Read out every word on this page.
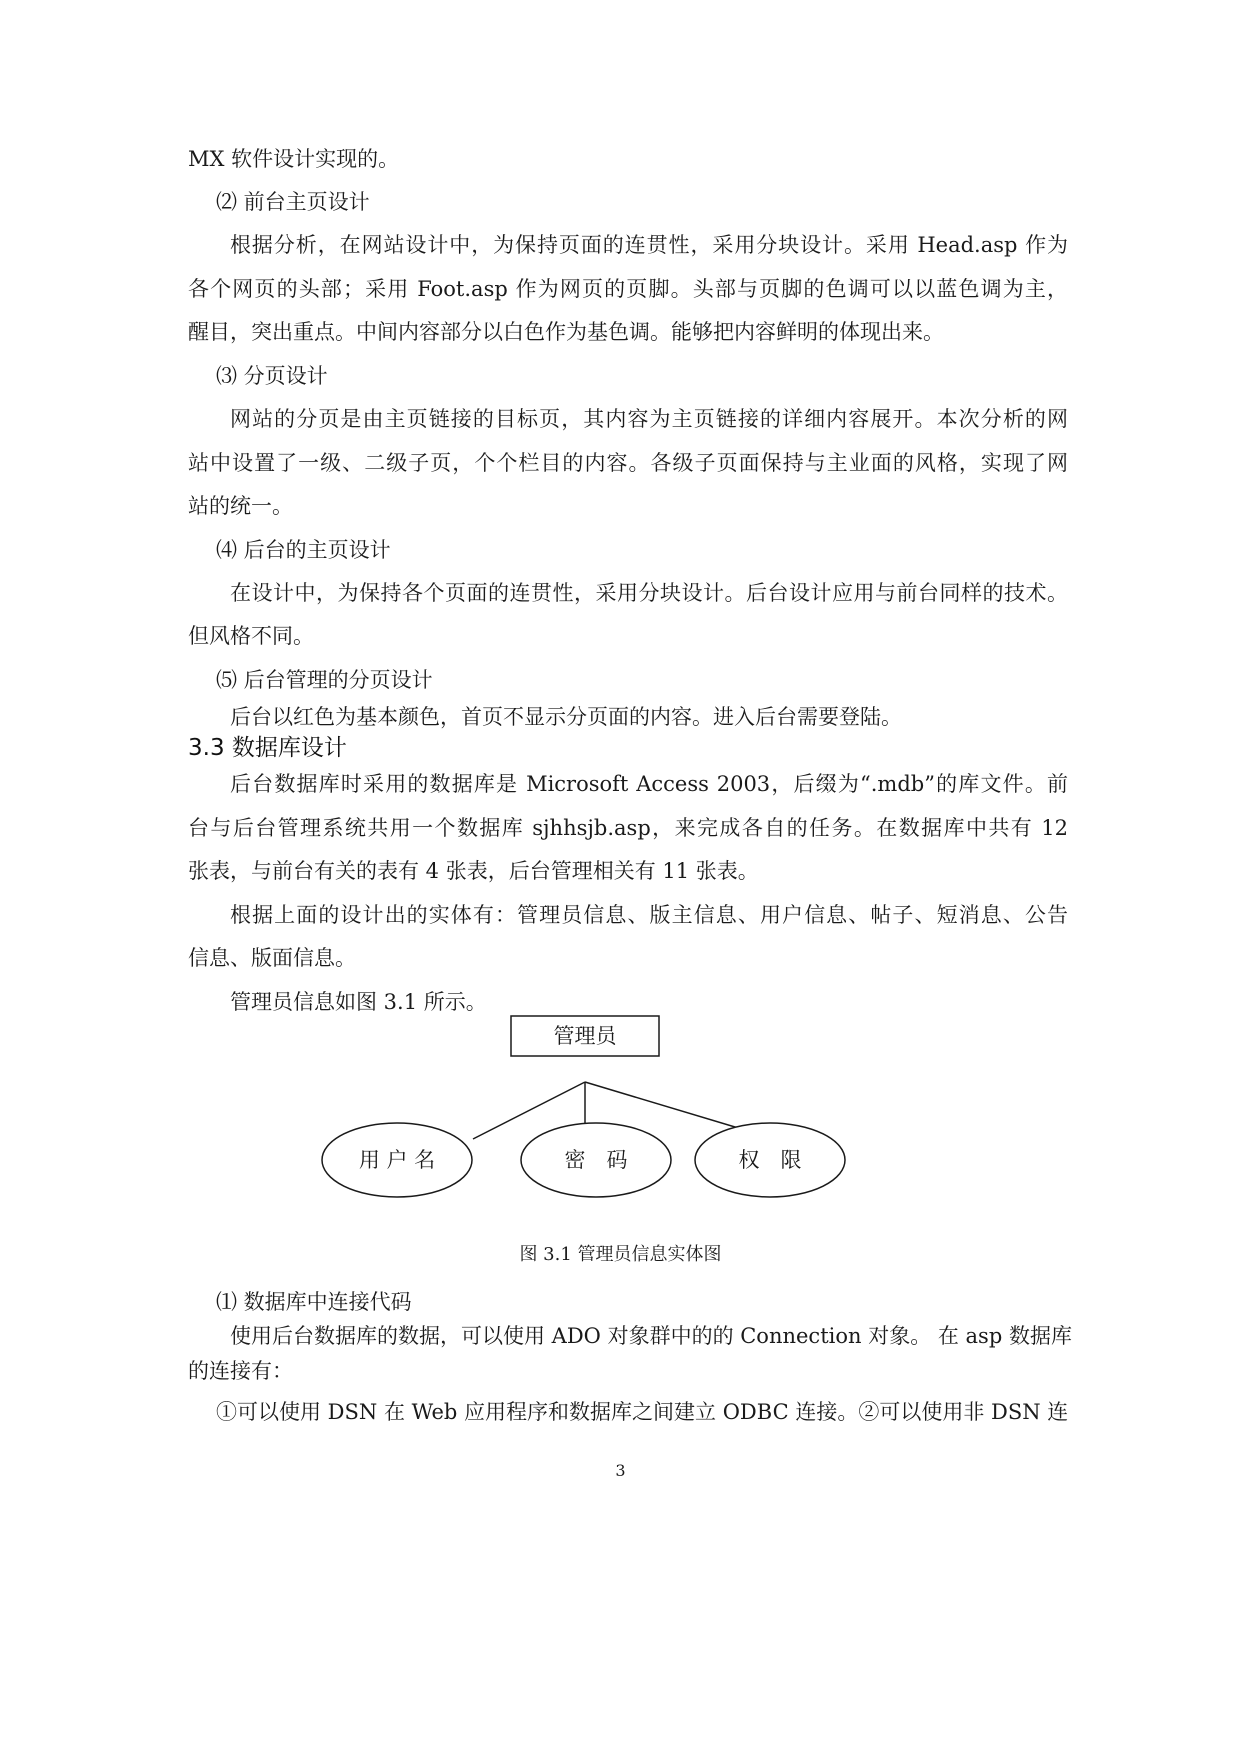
MX 软件设计实现的。
⑵ 前台主页设计
根据分析，在网站设计中，为保持页面的连贯性，采用分块设计。采用 Head.asp 作为
各个网页的头部；采用 Foot.asp 作为网页的页脚。头部与页脚的色调可以以蓝色调为主，
醒目，突出重点。中间内容部分以白色作为基色调。能够把内容鲜明的体现出来。
⑶ 分页设计
网站的分页是由主页链接的目标页，其内容为主页链接的详细内容展开。本次分析的网
站中设置了一级、二级子页，个个栏目的内容。各级子页面保持与主业面的风格，实现了网
站的统一。
⑷ 后台的主页设计
在设计中，为保持各个页面的连贯性，采用分块设计。后台设计应用与前台同样的技术。
但风格不同。
⑸ 后台管理的分页设计
后台以红色为基本颜色，首页不显示分页面的内容。进入后台需要登陆。
3.3 数据库设计
后台数据库时采用的数据库是 Microsoft Access 2003，后缀为“.mdb”的库文件。前
台与后台管理系统共用一个数据库 sjhhsjb.asp，来完成各自的任务。在数据库中共有 12
张表，与前台有关的表有 4 张表，后台管理相关有 11 张表。
根据上面的设计出的实体有：管理员信息、版主信息、用户信息、帖子、短消息、公告
信息、版面信息。
管理员信息如图 3.1 所示。
管理员
用 户 名	密　码	权　限
图 3.1 管理员信息实体图
⑴ 数据库中连接代码
使用后台数据库的数据，可以使用 ADO 对象群中的的 Connection 对象。 在 asp 数据库
的连接有：
①可以使用 DSN 在 Web 应用程序和数据库之间建立 ODBC 连接。②可以使用非 DSN 连
3
